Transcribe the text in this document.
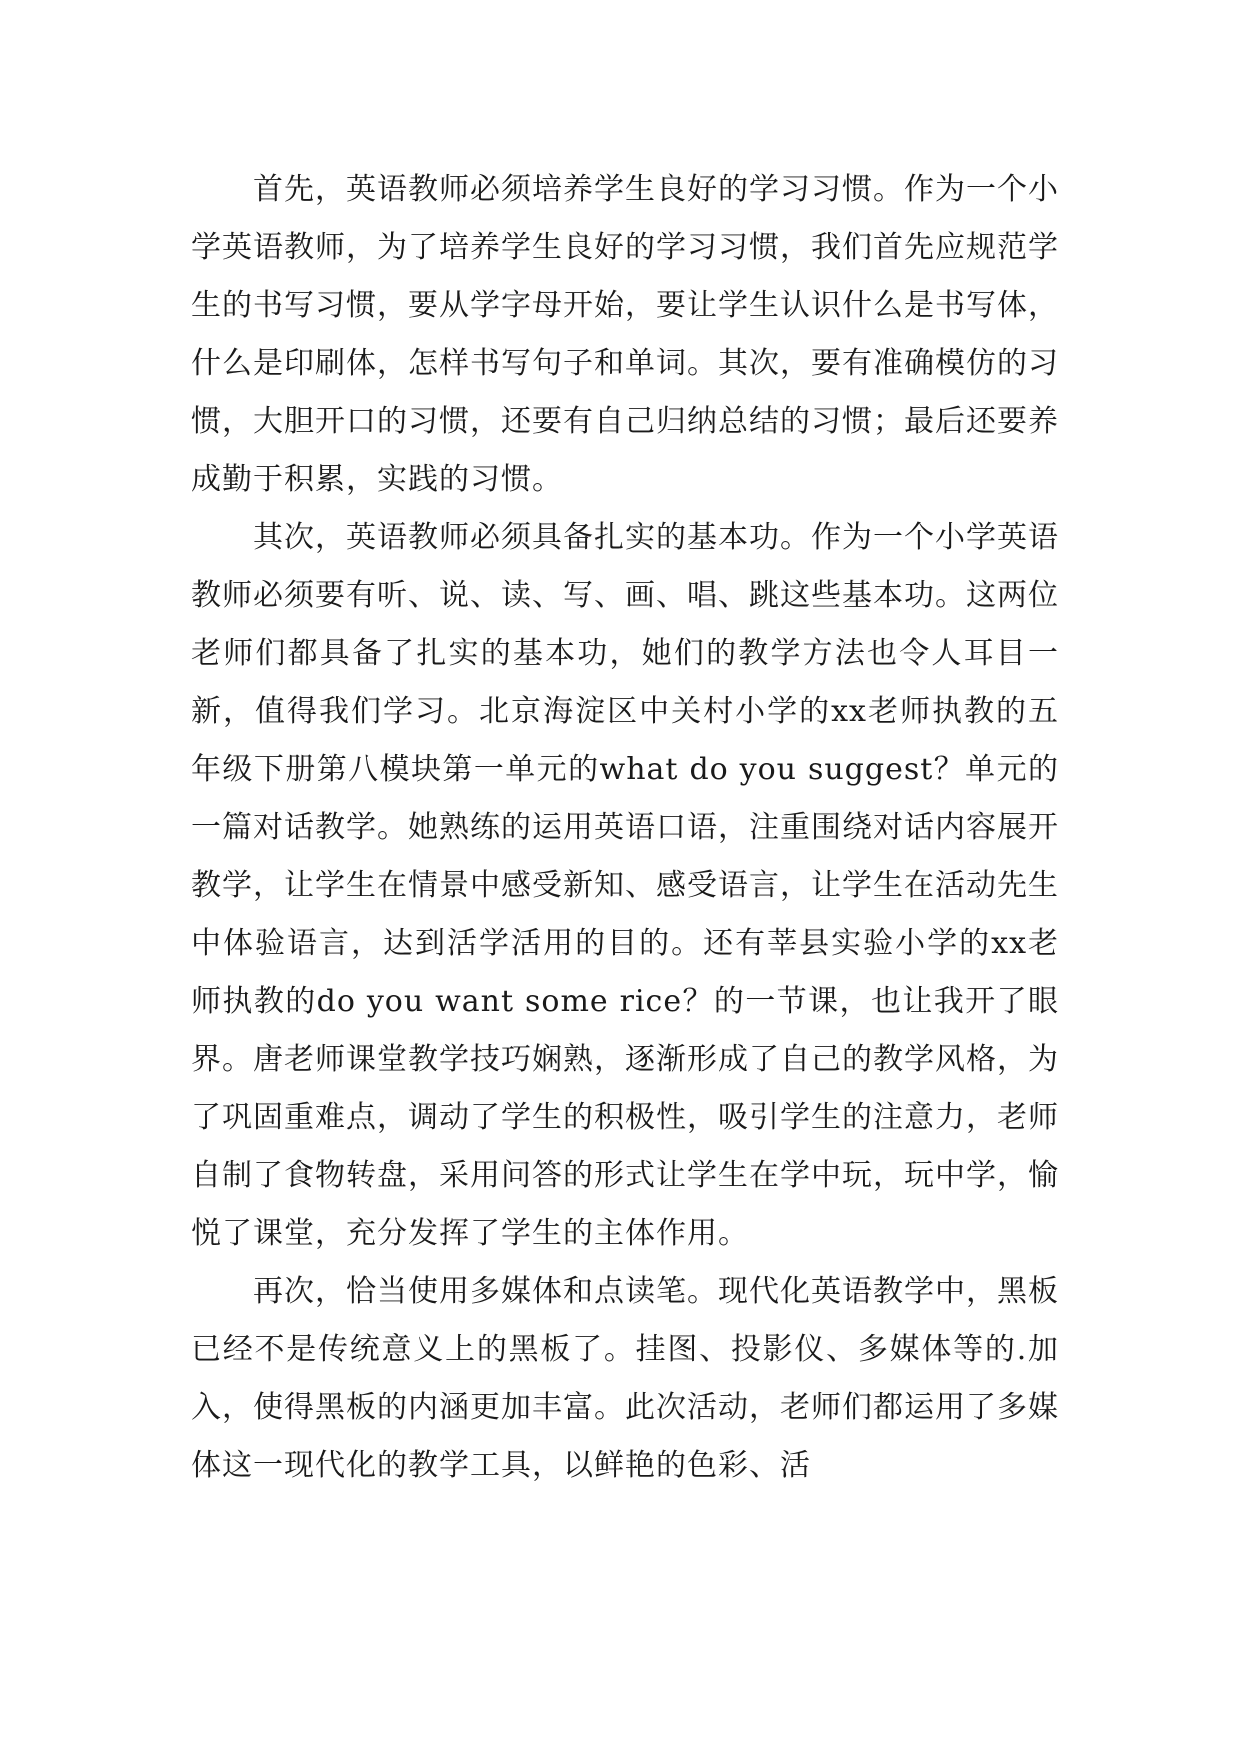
首先，英语教师必须培养学生良好的学习习惯。作为一个小学英语教师，为了培养学生良好的学习习惯，我们首先应规范学生的书写习惯，要从学字母开始，要让学生认识什么是书写体，什么是印刷体，怎样书写句子和单词。其次，要有准确模仿的习惯，大胆开口的习惯，还要有自己归纳总结的习惯；最后还要养成勤于积累，实践的习惯。

其次，英语教师必须具备扎实的基本功。作为一个小学英语教师必须要有听、说、读、写、画、唱、跳这些基本功。这两位老师们都具备了扎实的基本功，她们的教学方法也令人耳目一新，值得我们学习。北京海淀区中关村小学的xx老师执教的五年级下册第八模块第一单元的what do you suggest？单元的一篇对话教学。她熟练的运用英语口语，注重围绕对话内容展开教学，让学生在情景中感受新知、感受语言，让学生在活动先生中体验语言，达到活学活用的目的。还有莘县实验小学的xx老师执教的do you want some rice？的一节课，也让我开了眼界。唐老师课堂教学技巧娴熟，逐渐形成了自己的教学风格，为了巩固重难点，调动了学生的积极性，吸引学生的注意力，老师自制了食物转盘，采用问答的形式让学生在学中玩，玩中学，愉悦了课堂，充分发挥了学生的主体作用。

再次，恰当使用多媒体和点读笔。现代化英语教学中，黑板已经不是传统意义上的黑板了。挂图、投影仪、多媒体等的.加入，使得黑板的内涵更加丰富。此次活动，老师们都运用了多媒体这一现代化的教学工具，以鲜艳的色彩、活
